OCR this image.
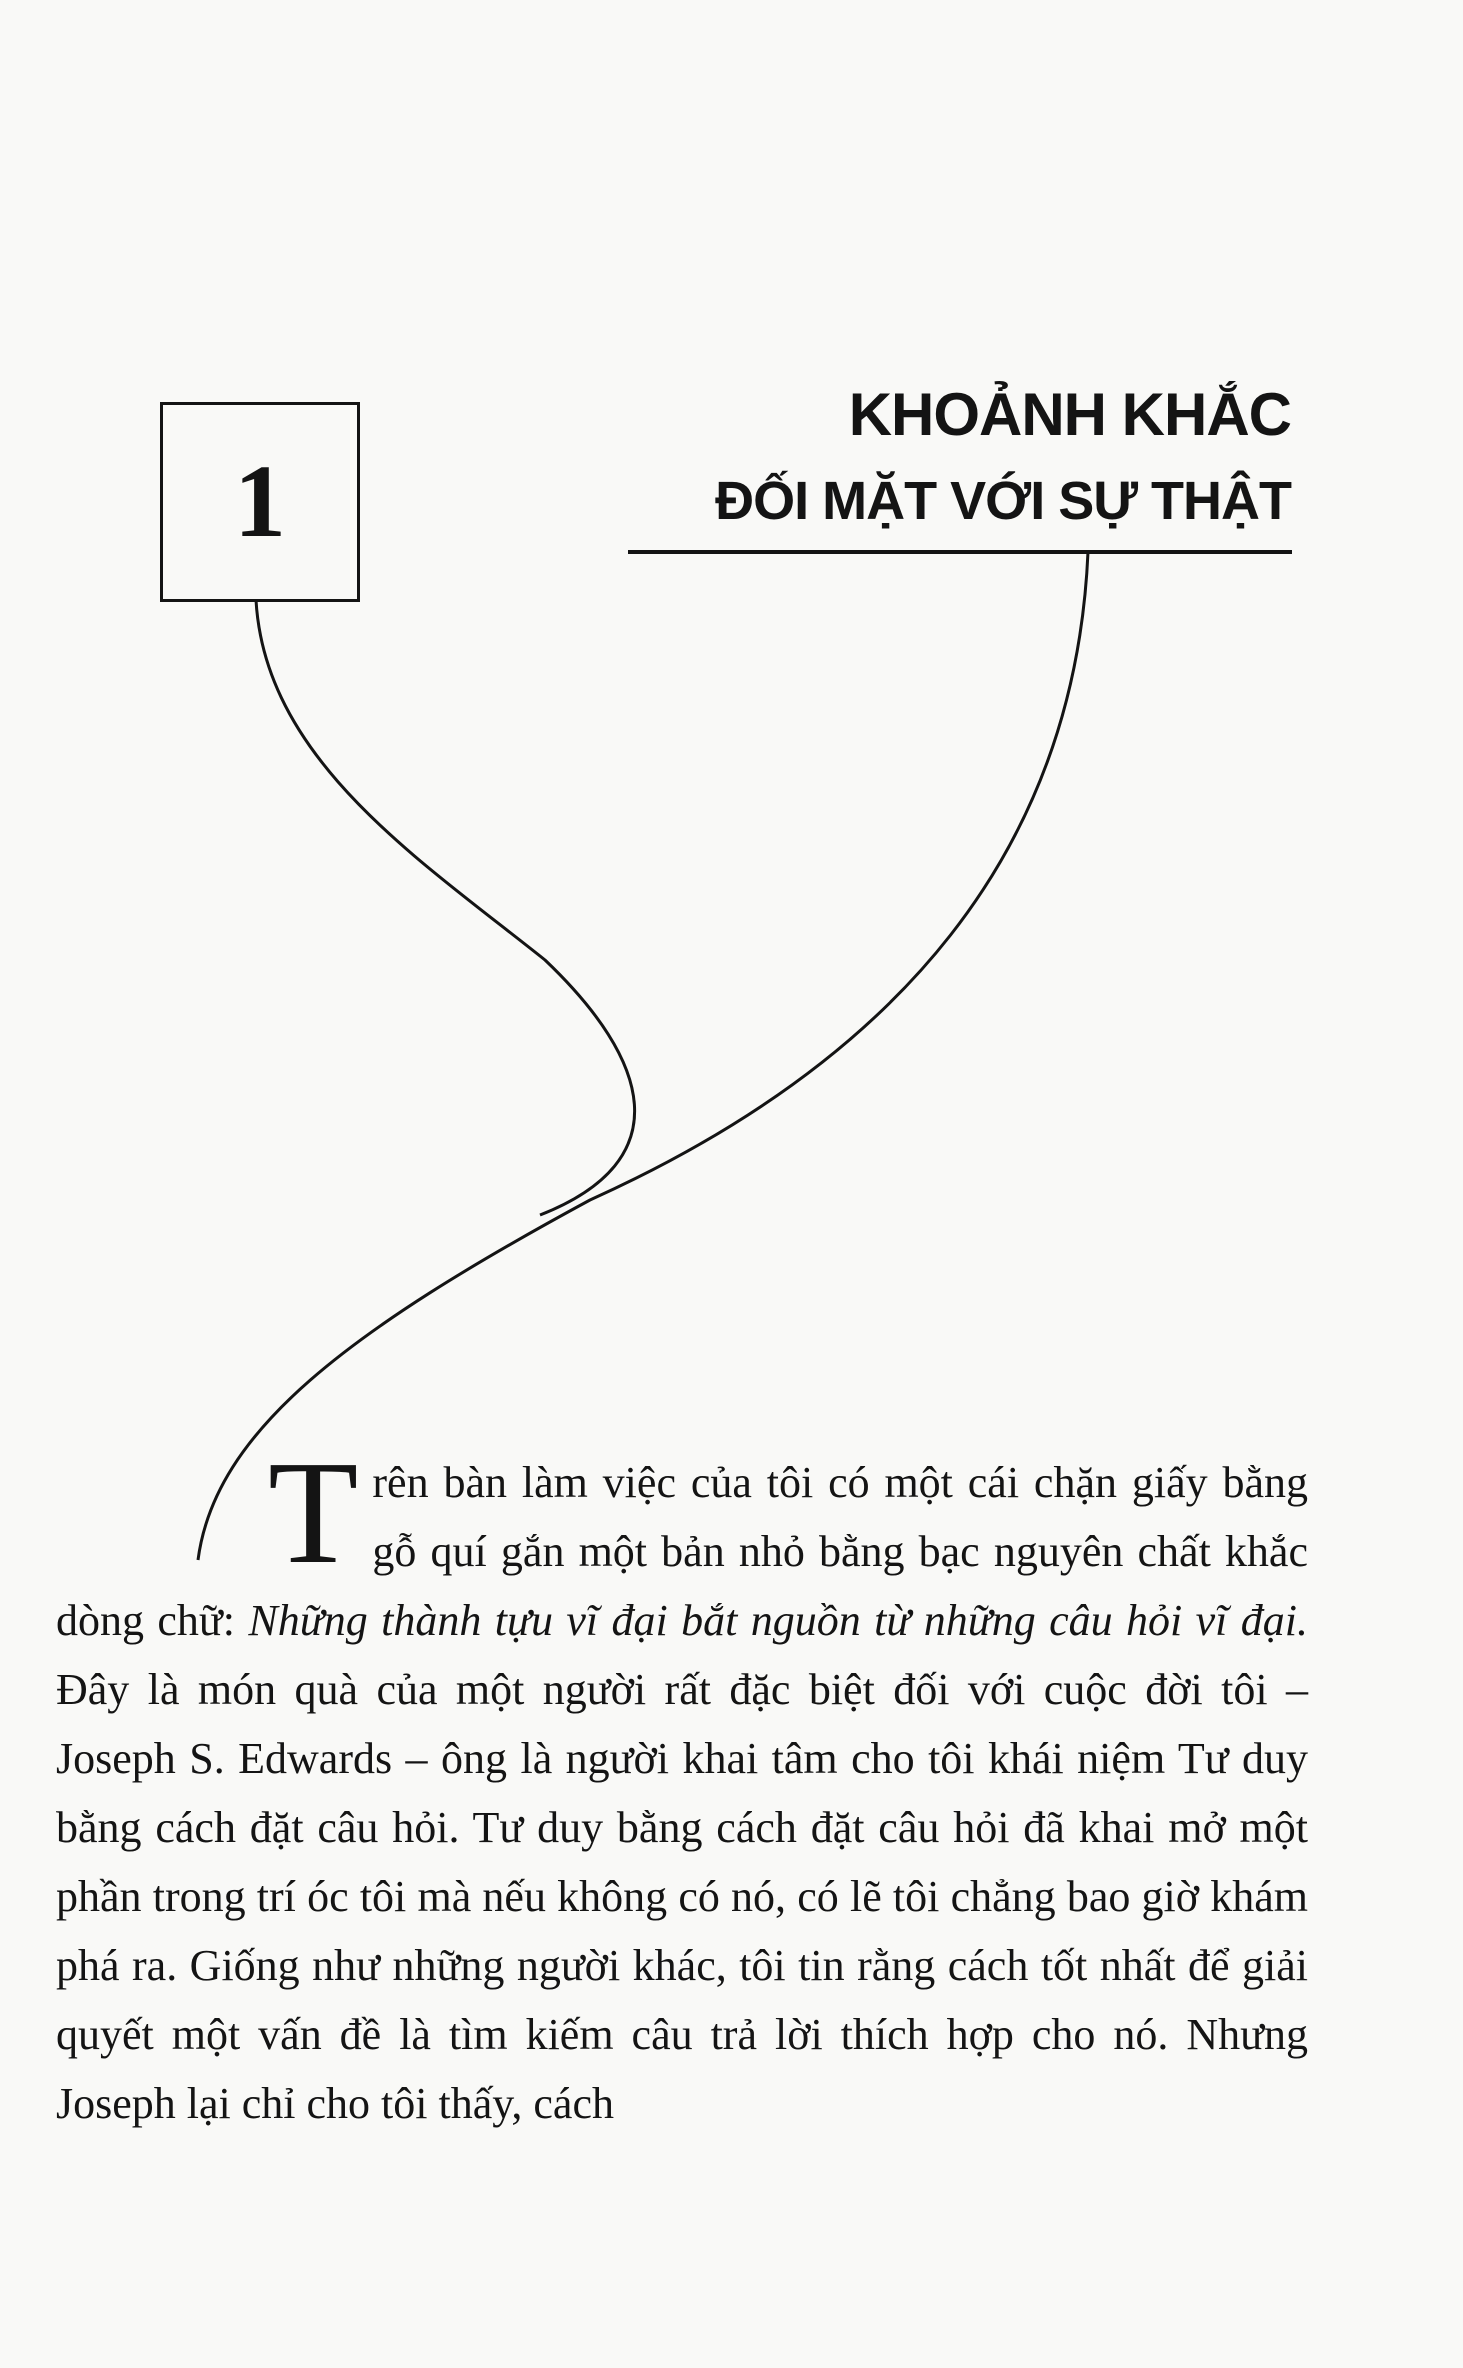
1
KHOẢNH KHẮC
ĐỐI MẶT VỚI SỰ THẬT

Trên bàn làm việc của tôi có một cái chặn giấy bằng gỗ quí gắn một bản nhỏ bằng bạc nguyên chất khắc dòng chữ: Những thành tựu vĩ đại bắt nguồn từ những câu hỏi vĩ đại. Đây là món quà của một người rất đặc biệt đối với cuộc đời tôi – Joseph S. Edwards – ông là người khai tâm cho tôi khái niệm Tư duy bằng cách đặt câu hỏi. Tư duy bằng cách đặt câu hỏi đã khai mở một phần trong trí óc tôi mà nếu không có nó, có lẽ tôi chẳng bao giờ khám phá ra. Giống như những người khác, tôi tin rằng cách tốt nhất để giải quyết một vấn đề là tìm kiếm câu trả lời thích hợp cho nó. Nhưng Joseph lại chỉ cho tôi thấy, cách
